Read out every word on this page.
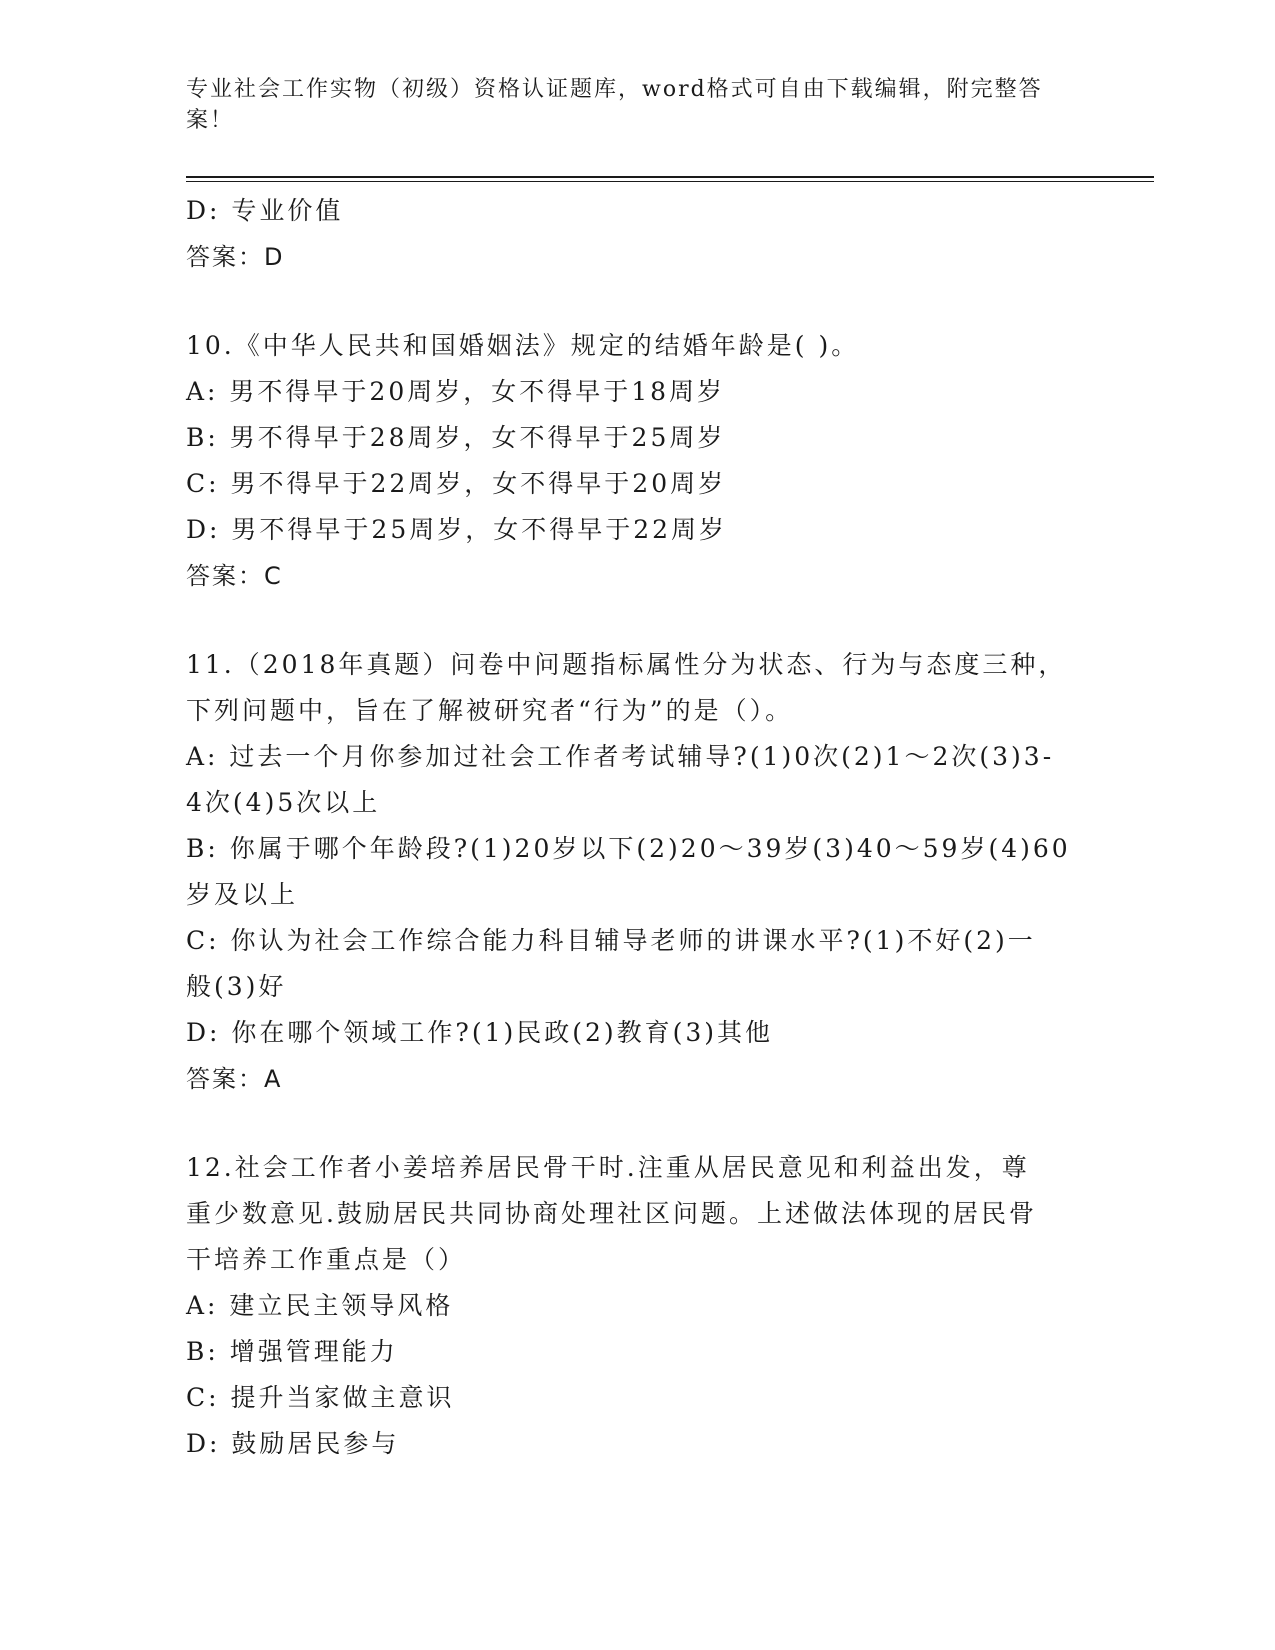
专业社会工作实物（初级）资格认证题库，word格式可自由下载编辑，附完整答案！
D: 专业价值
答案：D
10.《中华人民共和国婚姻法》规定的结婚年龄是( )。
A: 男不得早于20周岁，女不得早于18周岁
B: 男不得早于28周岁，女不得早于25周岁
C: 男不得早于22周岁，女不得早于20周岁
D: 男不得早于25周岁，女不得早于22周岁
答案：C
11.（2018年真题）问卷中问题指标属性分为状态、行为与态度三种，
下列问题中，旨在了解被研究者“行为”的是（）。
A: 过去一个月你参加过社会工作者考试辅导?(1)0次(2)1～2次(3)3-
4次(4)5次以上
B: 你属于哪个年龄段?(1)20岁以下(2)20～39岁(3)40～59岁(4)60
岁及以上
C: 你认为社会工作综合能力科目辅导老师的讲课水平?(1)不好(2)一
般(3)好
D: 你在哪个领域工作?(1)民政(2)教育(3)其他
答案：A
12.社会工作者小姜培养居民骨干时.注重从居民意见和利益出发，尊
重少数意见.鼓励居民共同协商处理社区问题。上述做法体现的居民骨
干培养工作重点是（）
A: 建立民主领导风格
B: 增强管理能力
C: 提升当家做主意识
D: 鼓励居民参与
